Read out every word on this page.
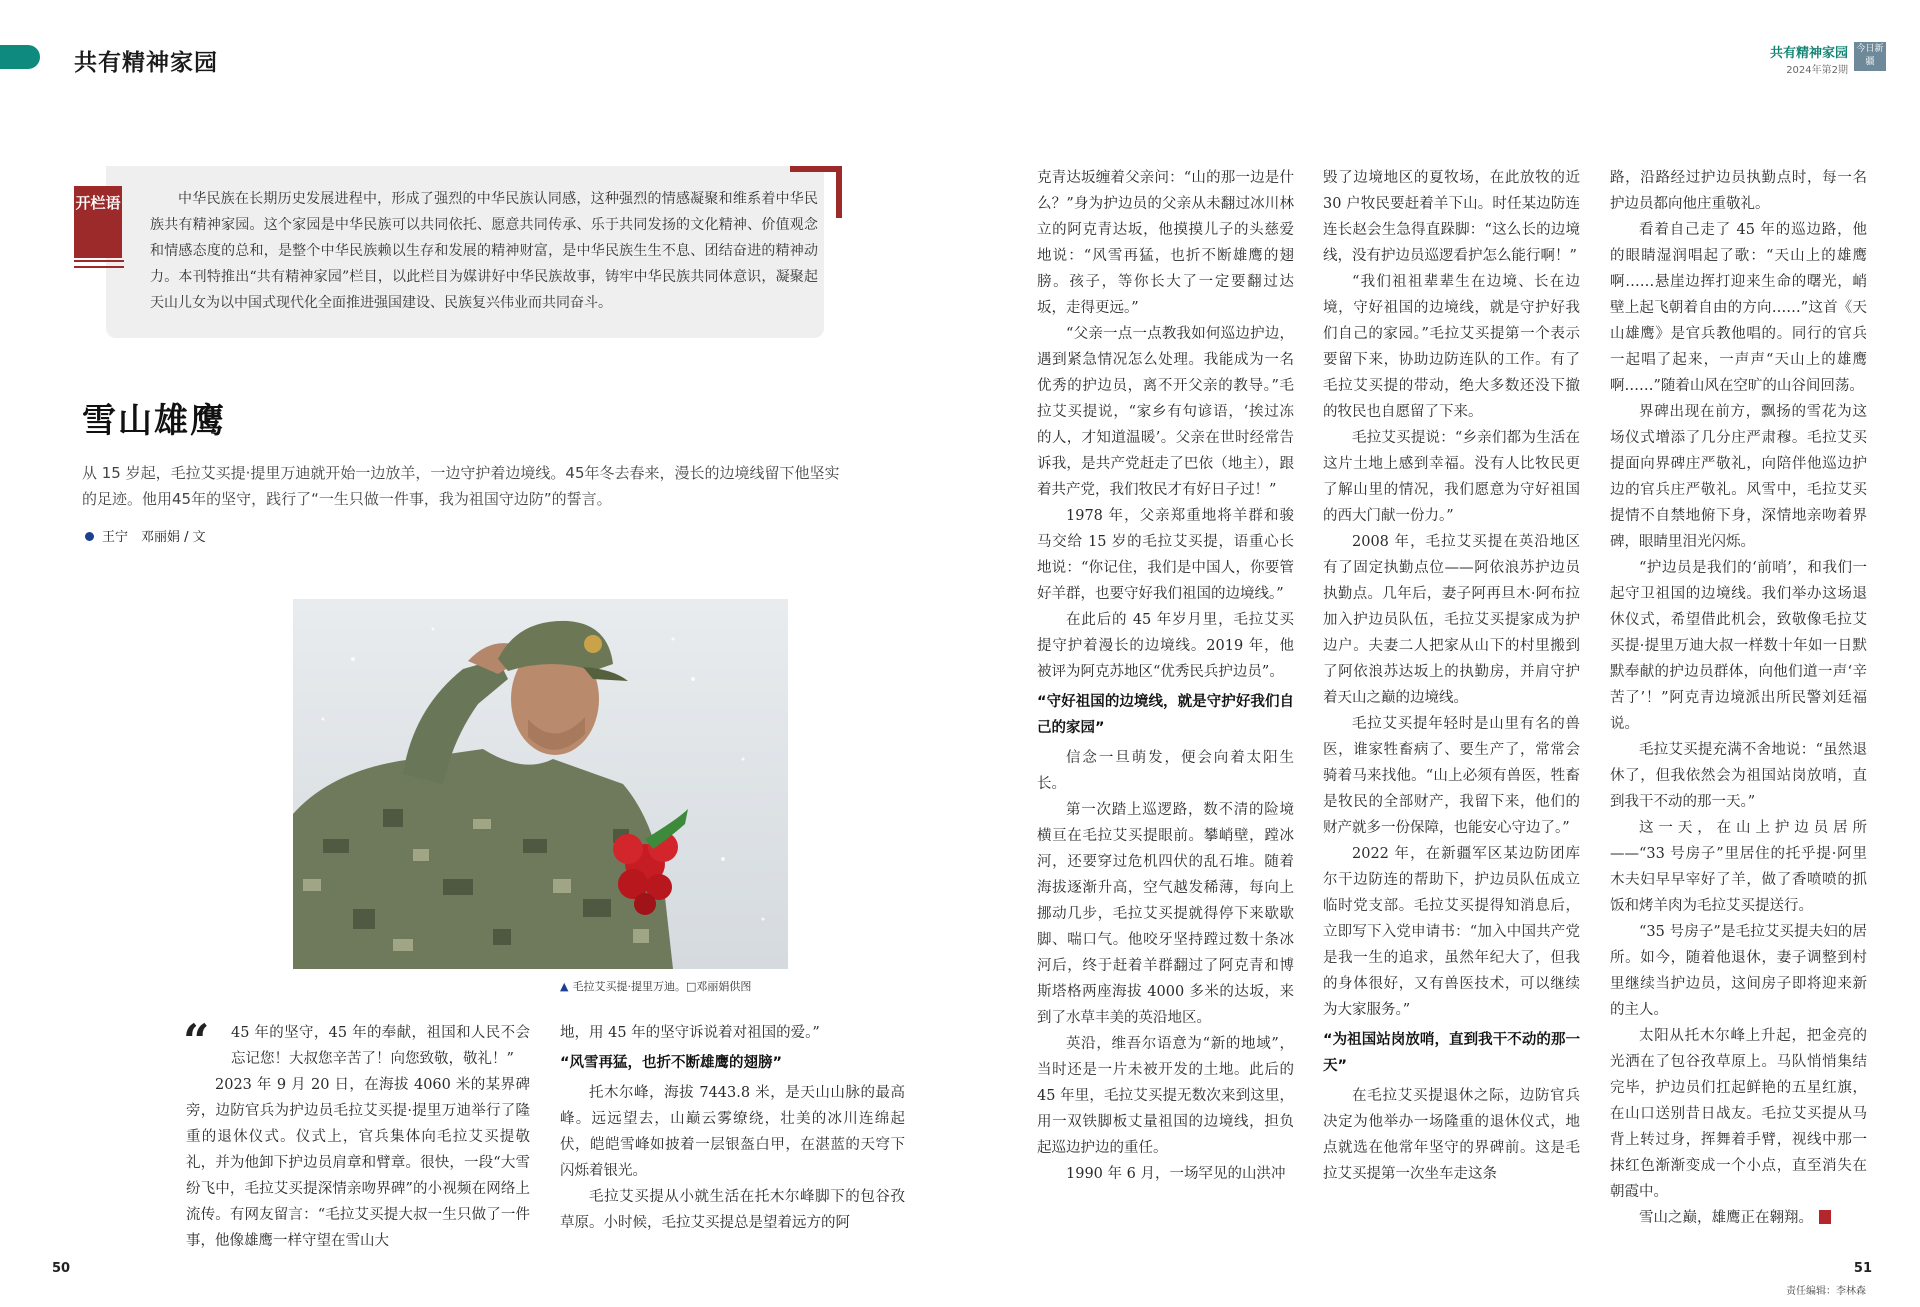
共有精神家园	共有精神家园
2024年第2期
今日新疆
开栏语	中华民族在长期历史发展进程中，形成了强烈的中华民族认同感，这种强烈的情感凝聚和维系着中华民族共有精神家园。这个家园是中华民族可以共同依托、愿意共同传承、乐于共同发扬的文化精神、价值观念和情感态度的总和，是整个中华民族赖以生存和发展的精神财富，是中华民族生生不息、团结奋进的精神动力。本刊特推出“共有精神家园”栏目，以此栏目为媒讲好中华民族故事，铸牢中华民族共同体意识，凝聚起天山儿女为以中国式现代化全面推进强国建设、民族复兴伟业而共同奋斗。
雪山雄鹰
从 15 岁起，毛拉艾买提·提里万迪就开始一边放羊，一边守护着边境线。45年冬去春来，漫长的边境线留下他坚实的足迹。他用45年的坚守，践行了“一生只做一件事，我为祖国守边防”的誓言。
王宁　邓丽娟 / 文
▲ 毛拉艾买提·提里万迪。□邓丽娟供图
“	45 年的坚守，45 年的奉献，祖国和人民不会忘记您！大叔您辛苦了！向您致敬，敬礼！”

2023 年 9 月 20 日，在海拔 4060 米的某界碑旁，边防官兵为护边员毛拉艾买提·提里万迪举行了隆重的退休仪式。仪式上，官兵集体向毛拉艾买提敬礼，并为他卸下护边员肩章和臂章。很快，一段“大雪纷飞中，毛拉艾买提深情亲吻界碑”的小视频在网络上流传。有网友留言：“毛拉艾买提大叔一生只做了一件事，他像雄鹰一样守望在雪山大

地，用 45 年的坚守诉说着对祖国的爱。”

“风雪再猛，也折不断雄鹰的翅膀”

托木尔峰，海拔 7443.8 米，是天山山脉的最高峰。远远望去，山巅云雾缭绕，壮美的冰川连绵起伏，皑皑雪峰如披着一层银盔白甲，在湛蓝的天穹下闪烁着银光。

毛拉艾买提从小就生活在托木尔峰脚下的包谷孜草原。小时候，毛拉艾买提总是望着远方的阿

克青达坂缠着父亲问：“山的那一边是什么？”身为护边员的父亲从未翻过冰川林立的阿克青达坂，他摸摸儿子的头慈爱地说：“风雪再猛，也折不断雄鹰的翅膀。孩子，等你长大了一定要翻过达坂，走得更远。”

“父亲一点一点教我如何巡边护边，遇到紧急情况怎么处理。我能成为一名优秀的护边员，离不开父亲的教导。”毛拉艾买提说，“家乡有句谚语，‘挨过冻的人，才知道温暖’。父亲在世时经常告诉我，是共产党赶走了巴依（地主），跟着共产党，我们牧民才有好日子过！”

1978 年，父亲郑重地将羊群和骏马交给 15 岁的毛拉艾买提，语重心长地说：“你记住，我们是中国人，你要管好羊群，也要守好我们祖国的边境线。”

在此后的 45 年岁月里，毛拉艾买提守护着漫长的边境线。2019 年，他被评为阿克苏地区“优秀民兵护边员”。

“守好祖国的边境线，就是守护好我们自己的家园”

信念一旦萌发，便会向着太阳生长。

第一次踏上巡逻路，数不清的险境横亘在毛拉艾买提眼前。攀峭壁，蹚冰河，还要穿过危机四伏的乱石堆。随着海拔逐渐升高，空气越发稀薄，每向上挪动几步，毛拉艾买提就得停下来歇歇脚、喘口气。他咬牙坚持蹚过数十条冰河后，终于赶着羊群翻过了阿克青和博斯塔格两座海拔 4000 多米的达坂，来到了水草丰美的英沿地区。

英沿，维吾尔语意为“新的地域”，当时还是一片未被开发的土地。此后的 45 年里，毛拉艾买提无数次来到这里，用一双铁脚板丈量祖国的边境线，担负起巡边护边的重任。

1990 年 6 月，一场罕见的山洪冲

毁了边境地区的夏牧场，在此放牧的近 30 户牧民要赶着羊下山。时任某边防连连长赵会生急得直跺脚：“这么长的边境线，没有护边员巡逻看护怎么能行啊！”

“我们祖祖辈辈生在边境、长在边境，守好祖国的边境线，就是守护好我们自己的家园。”毛拉艾买提第一个表示要留下来，协助边防连队的工作。有了毛拉艾买提的带动，绝大多数还没下撤的牧民也自愿留了下来。

毛拉艾买提说：“乡亲们都为生活在这片土地上感到幸福。没有人比牧民更了解山里的情况，我们愿意为守好祖国的西大门献一份力。”

2008 年，毛拉艾买提在英沿地区有了固定执勤点位——阿依浪苏护边员执勤点。几年后，妻子阿再旦木·阿布拉加入护边员队伍，毛拉艾买提家成为护边户。夫妻二人把家从山下的村里搬到了阿依浪苏达坂上的执勤房，并肩守护着天山之巅的边境线。

毛拉艾买提年轻时是山里有名的兽医，谁家牲畜病了、要生产了，常常会骑着马来找他。“山上必须有兽医，牲畜是牧民的全部财产，我留下来，他们的财产就多一份保障，也能安心守边了。”

2022 年，在新疆军区某边防团库尔干边防连的帮助下，护边员队伍成立临时党支部。毛拉艾买提得知消息后，立即写下入党申请书：“加入中国共产党是我一生的追求，虽然年纪大了，但我的身体很好，又有兽医技术，可以继续为大家服务。”

“为祖国站岗放哨，直到我干不动的那一天”

在毛拉艾买提退休之际，边防官兵决定为他举办一场隆重的退休仪式，地点就选在他常年坚守的界碑前。这是毛拉艾买提第一次坐车走这条

路，沿路经过护边员执勤点时，每一名护边员都向他庄重敬礼。

看着自己走了 45 年的巡边路，他的眼睛湿润唱起了歌：“天山上的雄鹰啊……悬崖边挥打迎来生命的曙光，峭壁上起飞朝着自由的方向……”这首《天山雄鹰》是官兵教他唱的。同行的官兵一起唱了起来，一声声“天山上的雄鹰啊……”随着山风在空旷的山谷间回荡。

界碑出现在前方，飘扬的雪花为这场仪式增添了几分庄严肃穆。毛拉艾买提面向界碑庄严敬礼，向陪伴他巡边护边的官兵庄严敬礼。风雪中，毛拉艾买提情不自禁地俯下身，深情地亲吻着界碑，眼睛里泪光闪烁。

“护边员是我们的‘前哨’，和我们一起守卫祖国的边境线。我们举办这场退休仪式，希望借此机会，致敬像毛拉艾买提·提里万迪大叔一样数十年如一日默默奉献的护边员群体，向他们道一声‘辛苦了’！”阿克青边境派出所民警刘廷福说。

毛拉艾买提充满不舍地说：“虽然退休了，但我依然会为祖国站岗放哨，直到我干不动的那一天。”

这一天，在山上护边员居所——“33 号房子”里居住的托乎提·阿里木夫妇早早宰好了羊，做了香喷喷的抓饭和烤羊肉为毛拉艾买提送行。

“35 号房子”是毛拉艾买提夫妇的居所。如今，随着他退休，妻子调整到村里继续当护边员，这间房子即将迎来新的主人。

太阳从托木尔峰上升起，把金亮的光洒在了包谷孜草原上。马队悄悄集结完毕，护边员们扛起鲜艳的五星红旗，在山口送别昔日战友。毛拉艾买提从马背上转过身，挥舞着手臂，视线中那一抹红色渐渐变成一个小点，直至消失在朝霞中。

雪山之巅，雄鹰正在翱翔。

责任编辑：李林森
50	51
